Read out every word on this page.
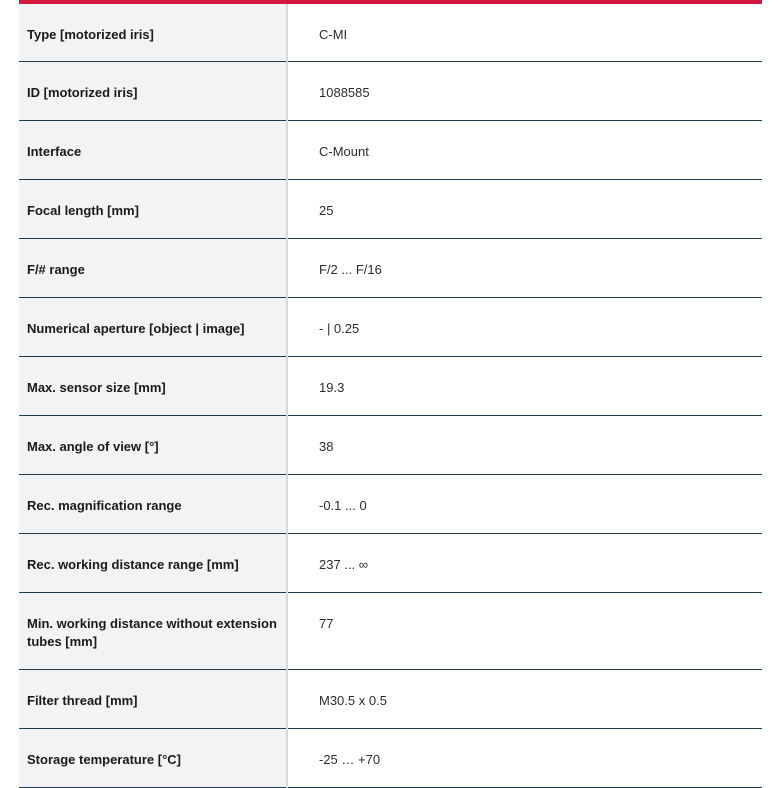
Type [motorized iris]	C-MI
ID [motorized iris]	1088585
Interface	C-Mount
Focal length [mm]	25
F/# range	F/2 ... F/16
Numerical aperture [object | image]	- | 0.25
Max. sensor size [mm]	19.3
Max. angle of view [°]	38
Rec. magnification range	-0.1 ... 0
Rec. working distance range [mm]	237 ... ∞
Min. working distance without extension tubes [mm]	77
Filter thread [mm]	M30.5 x 0.5
Storage temperature [°C]	-25 … +70
